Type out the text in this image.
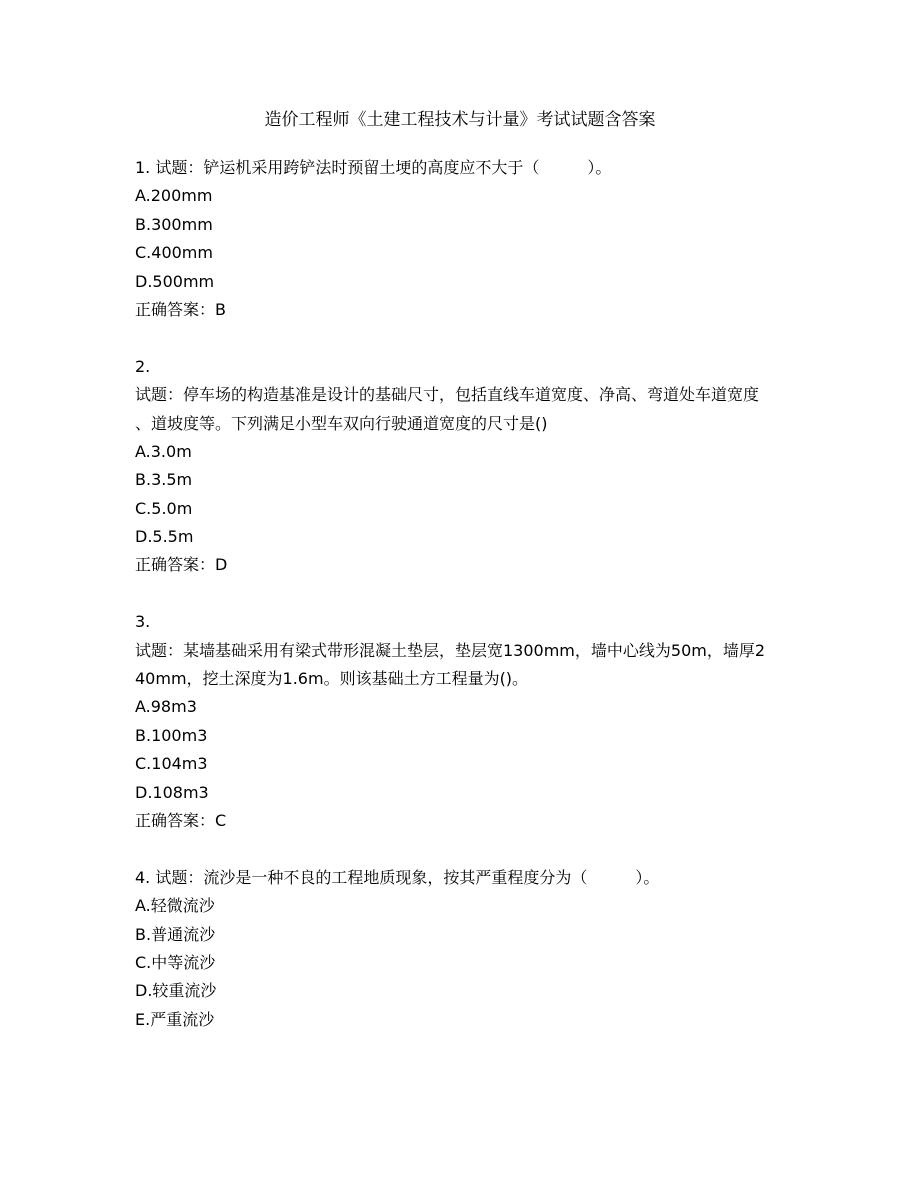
造价工程师《土建工程技术与计量》考试试题含答案
1. 试题：铲运机采用跨铲法时预留土埂的高度应不大于（　　　）。
A.200mm
B.300mm
C.400mm
D.500mm
正确答案：B
2.
试题：停车场的构造基准是设计的基础尺寸，包括直线车道宽度、净高、弯道处车道宽度
、道坡度等。下列满足小型车双向行驶通道宽度的尺寸是()
A.3.0m
B.3.5m
C.5.0m
D.5.5m
正确答案：D
3.
试题：某墙基础采用有梁式带形混凝土垫层，垫层宽1300mm，墙中心线为50m，墙厚2
40mm，挖土深度为1.6m。则该基础土方工程量为()。
A.98m3
B.100m3
C.104m3
D.108m3
正确答案：C
4. 试题：流沙是一种不良的工程地质现象，按其严重程度分为（　　　）。
A.轻微流沙
B.普通流沙
C.中等流沙
D.较重流沙
E.严重流沙
